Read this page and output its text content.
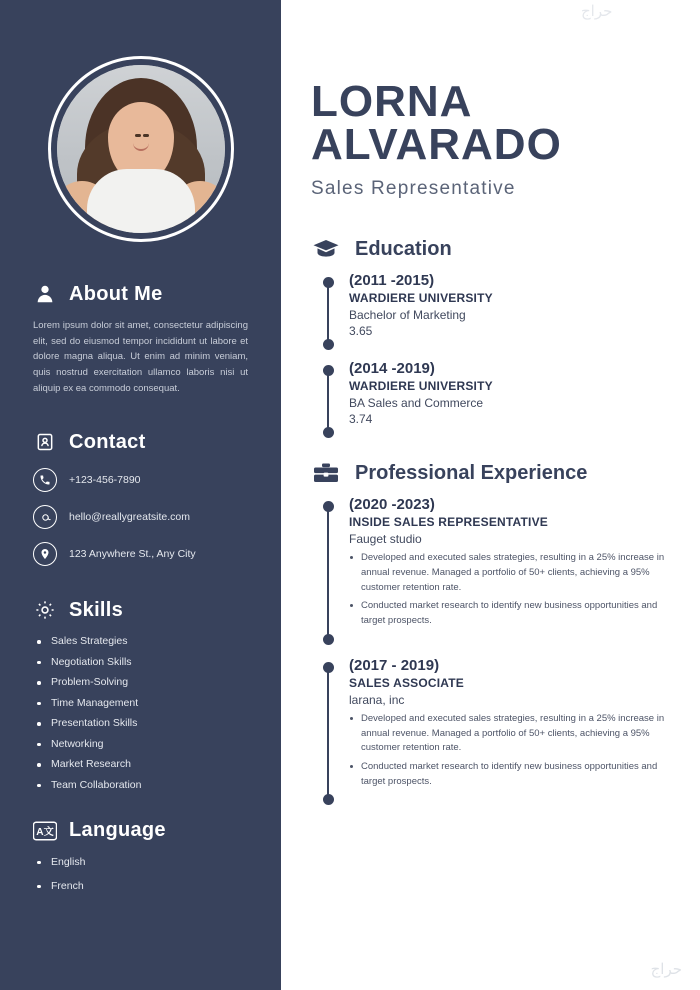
About Me
Lorem ipsum dolor sit amet, consectetur adipiscing elit, sed do eiusmod tempor incididunt ut labore et dolore magna aliqua. Ut enim ad minim veniam, quis nostrud exercitation ullamco laboris nisi ut aliquip ex ea commodo consequat.
Contact
+123-456-7890
hello@reallygreatsite.com
123 Anywhere St., Any City
Skills
Sales Strategies
Negotiation Skills
Problem-Solving
Time Management
Presentation Skills
Networking
Market Research
Team Collaboration
A文 Language
English
French
حراج
LORNA
ALVARADO
Sales Representative
Education
(2011 -2015)
WARDIERE UNIVERSITY
Bachelor of Marketing
3.65
(2014 -2019)
WARDIERE UNIVERSITY
BA Sales and Commerce
3.74
Professional Experience
(2020 -2023)
INSIDE SALES REPRESENTATIVE
Fauget studio
Developed and executed sales strategies, resulting in a 25% increase in annual revenue. Managed a portfolio of 50+ clients, achieving a 95% customer retention rate.
Conducted market research to identify new business opportunities and target prospects.
(2017 - 2019)
SALES ASSOCIATE
larana, inc
Developed and executed sales strategies, resulting in a 25% increase in annual revenue. Managed a portfolio of 50+ clients, achieving a 95% customer retention rate.
Conducted market research to identify new business opportunities and target prospects.
حراج
